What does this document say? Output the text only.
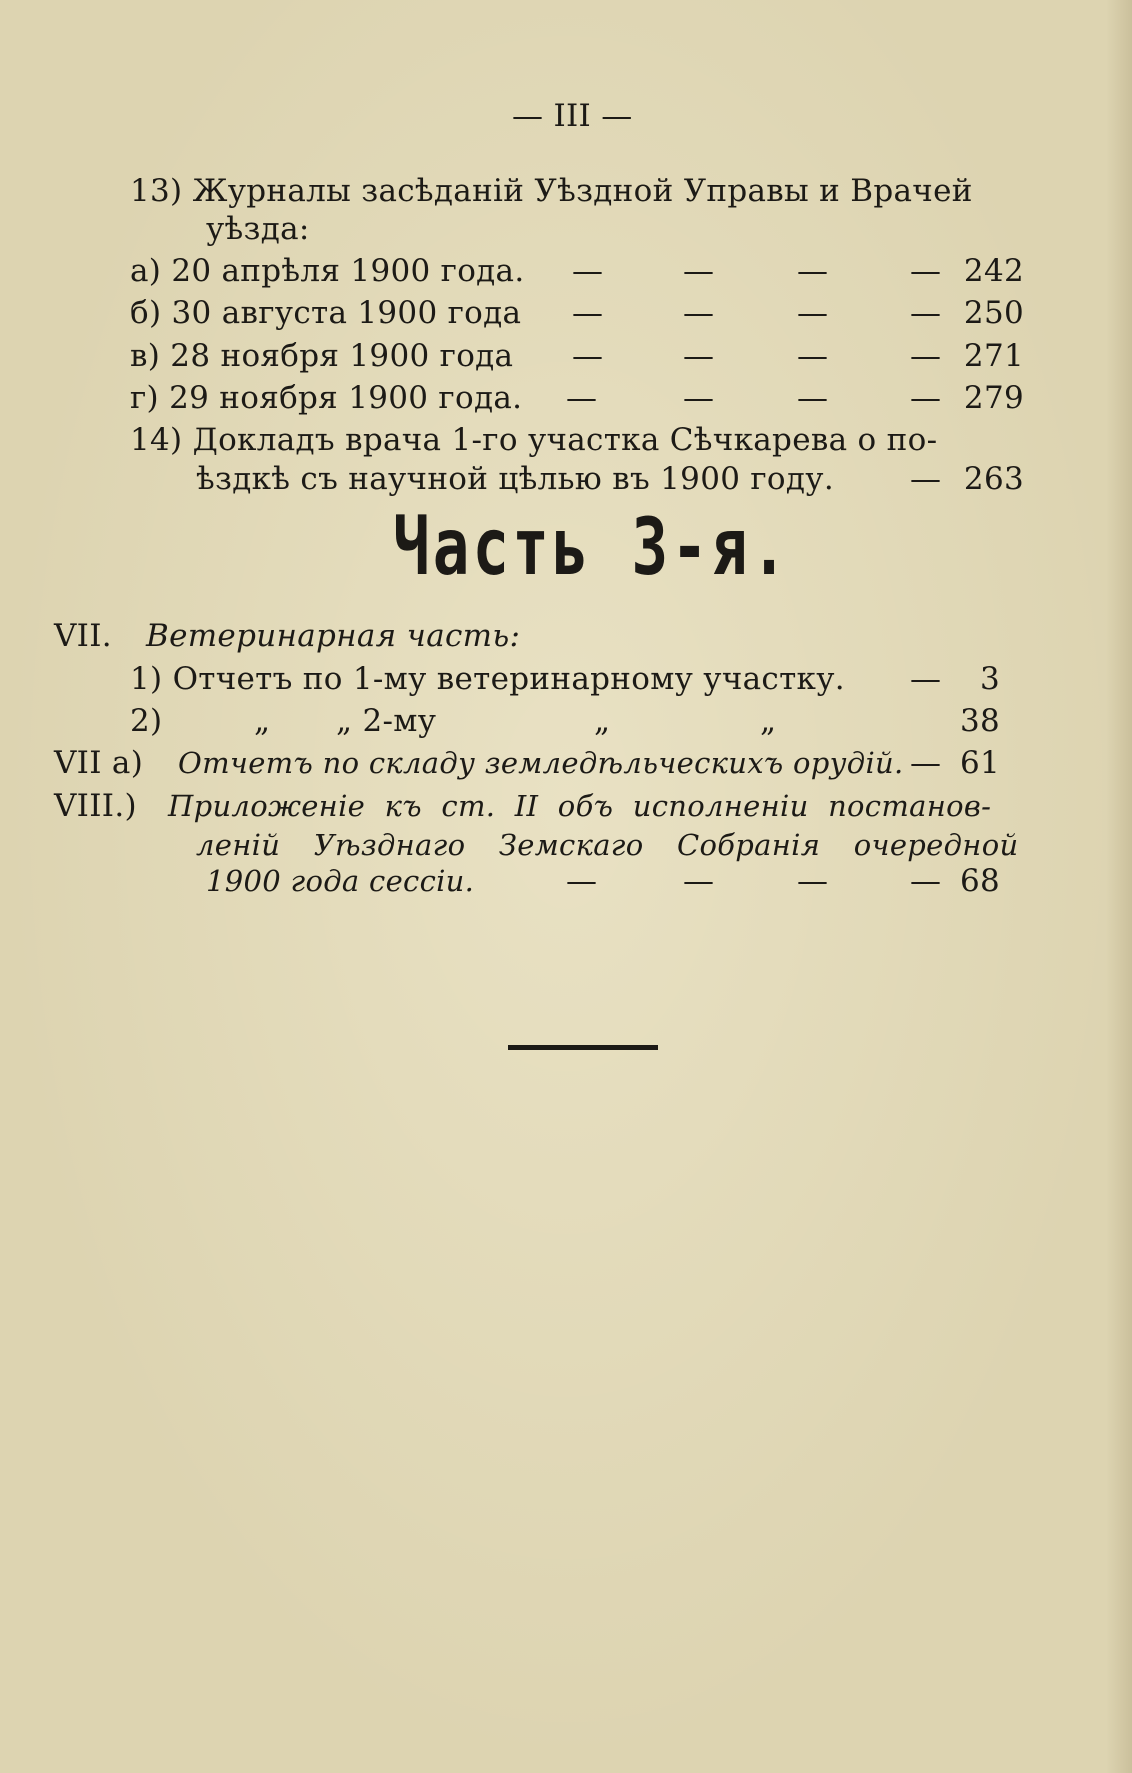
— III —
13) Журналы засѣданій Уѣздной Управы и Врачей
уѣзда:
а) 20 апрѣля 1900 года. —	—	—	— 242
б) 30 августа 1900 года —	—	—	— 250
в) 28 ноября 1900 года —	—	—	— 271
г) 29 ноября 1900 года. —	—	—	— 279
14) Докладъ врача 1-го участка Сѣчкарева о по-
ѣздкѣ съ научной цѣлью въ 1900 году. — 263
Часть 3-я.
VII. Ветеринарная часть:
1) Отчетъ по 1-му ветеринарному участку. —	3
2)	„ „ 2-му	„	„	38
VII а) Отчетъ по складу земледѣльческихъ орудій. — 61
VIII.) Приложеніе къ ст. II объ исполненіи постанов-
леній Уѣзднаго Земскаго Собранія очередной
1900 года сессіи.	—	—	—	— 68
